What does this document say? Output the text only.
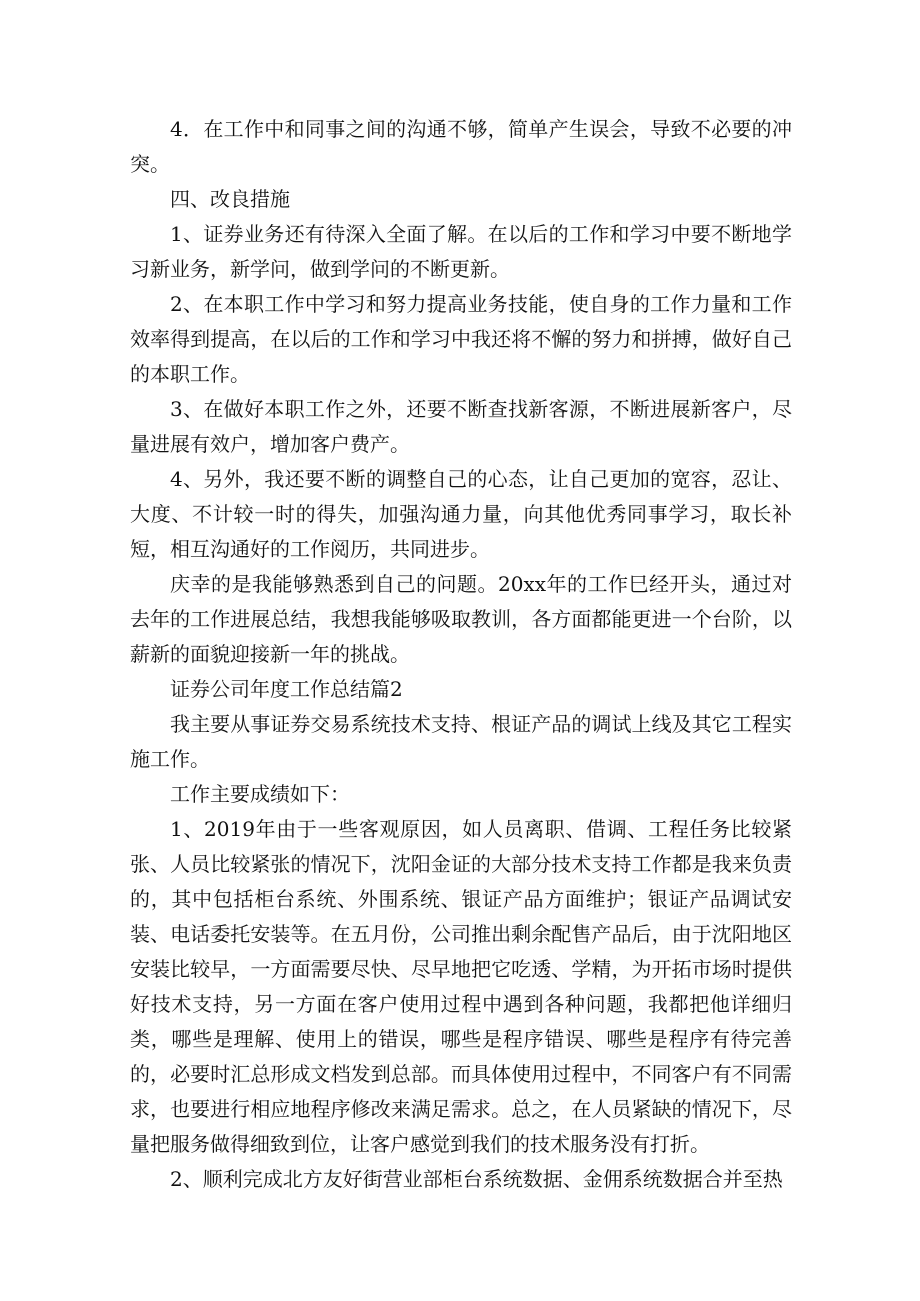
4．在工作中和同事之间的沟通不够，简单产生误会，导致不必要的冲突。

四、改良措施

1、证券业务还有待深入全面了解。在以后的工作和学习中要不断地学习新业务，新学问，做到学问的不断更新。

2、在本职工作中学习和努力提高业务技能，使自身的工作力量和工作效率得到提高，在以后的工作和学习中我还将不懈的努力和拼搏，做好自己的本职工作。

3、在做好本职工作之外，还要不断查找新客源，不断进展新客户，尽量进展有效户，增加客户费产。

4、另外，我还要不断的调整自己的心态，让自己更加的宽容，忍让、大度、不计较一时的得失，加强沟通力量，向其他优秀同事学习，取长补短，相互沟通好的工作阅历，共同进步。

庆幸的是我能够熟悉到自己的问题。20xx年的工作巳经开头，通过对去年的工作进展总结，我想我能够吸取教训，各方面都能更进一个台阶，以薪新的面貌迎接新一年的挑战。

证券公司年度工作总结篇2

我主要从事证券交易系统技术支持、根证产品的调试上线及其它工程实施工作。

工作主要成绩如下：

1、2019年由于一些客观原因，如人员离职、借调、工程任务比较紧张、人员比较紧张的情况下，沈阳金证的大部分技术支持工作都是我来负责的，其中包括柜台系统、外围系统、银证产品方面维护；银证产品调试安装、电话委托安装等。在五月份，公司推出剩余配售产品后，由于沈阳地区安装比较早，一方面需要尽快、尽早地把它吃透、学精，为开拓市场时提供好技术支持，另一方面在客户使用过程中遇到各种问题，我都把他详细归类，哪些是理解、使用上的错误，哪些是程序错误、哪些是程序有待完善的，必要时汇总形成文档发到总部。而具体使用过程中，不同客户有不同需求，也要进行相应地程序修改来满足需求。总之，在人员紧缺的情况下，尽量把服务做得细致到位，让客户感觉到我们的技术服务没有打折。

2、顺利完成北方友好街营业部柜台系统数据、金佣系统数据合并至热
